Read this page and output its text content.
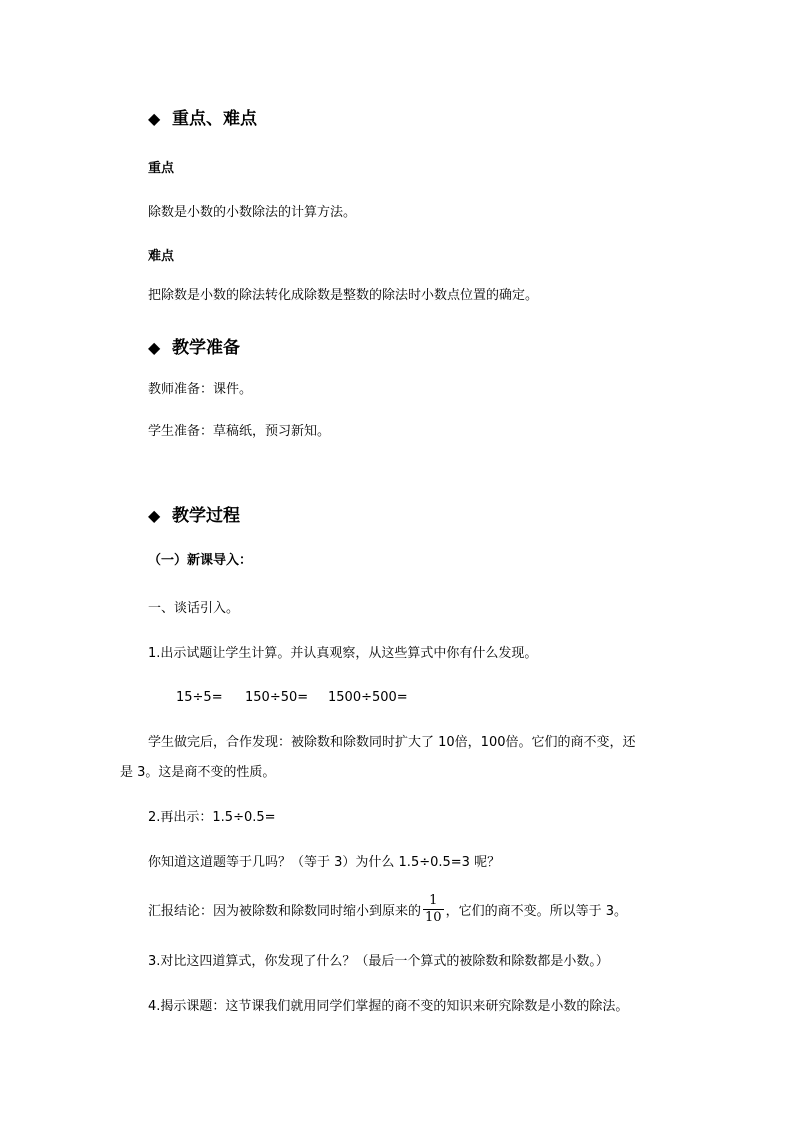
◆ 重点、难点
重点
除数是小数的小数除法的计算方法。
难点
把除数是小数的除法转化成除数是整数的除法时小数点位置的确定。
◆ 教学准备
教师准备：课件。
学生准备：草稿纸，预习新知。
◆ 教学过程
（一）新课导入：
一、谈话引入。
1.出示试题让学生计算。并认真观察，从这些算式中你有什么发现。
15÷5= 150÷50= 1500÷500=
学生做完后，合作发现：被除数和除数同时扩大了 10倍，100倍。它们的商不变，还
是 3。这是商不变的性质。
2.再出示：1.5÷0.5=
你知道这道题等于几吗？（等于 3）为什么 1.5÷0.5=3 呢？
汇报结论：因为被除数和除数同时缩小到原来的 $\frac{1}{10}$ ，它们的商不变。所以等于 3。
3.对比这四道算式，你发现了什么？（最后一个算式的被除数和除数都是小数。）
4.揭示课题：这节课我们就用同学们掌握的商不变的知识来研究除数是小数的除法。
